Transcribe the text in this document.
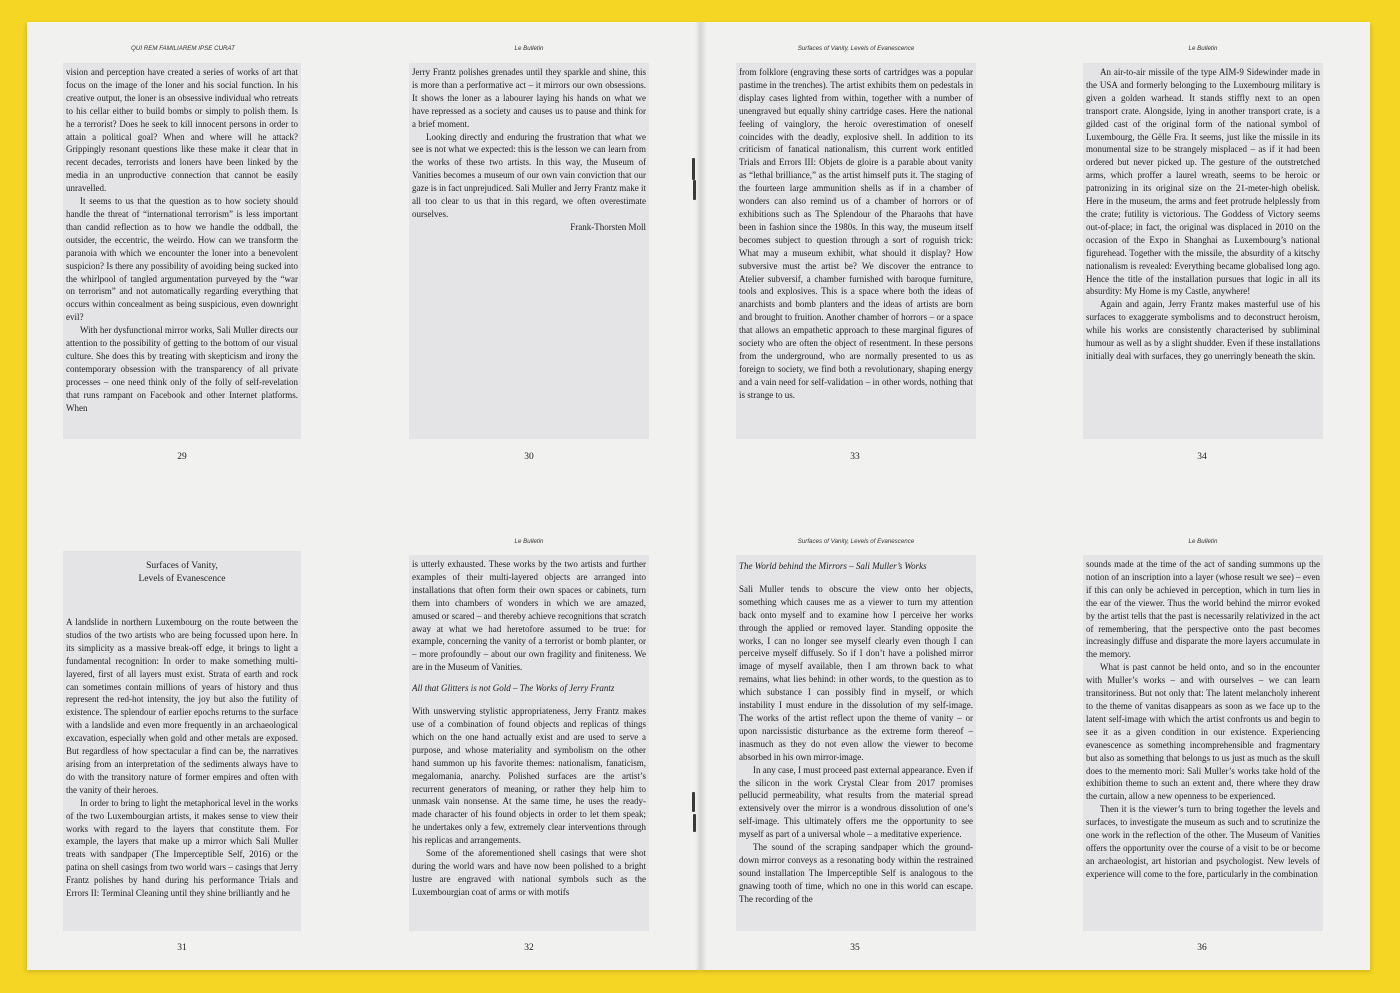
QUI REM FAMILIAREM IPSE CURAT

vision and perception have created a series of works of art that focus on the image of the loner and his social function. In his creative output, the loner is an obsessive individual who retreats to his cellar either to build bombs or simply to polish them. Is he a terrorist? Does he seek to kill innocent persons in order to attain a political goal? When and where will he attack? Grippingly resonant questions like these make it clear that in recent decades, terrorists and loners have been linked by the media in an unproductive connection that cannot be easily unravelled.

It seems to us that the question as to how society should handle the threat of “international terrorism” is less important than candid reflection as to how we handle the oddball, the outsider, the eccentric, the weirdo. How can we transform the paranoia with which we encounter the loner into a benevolent suspicion? Is there any possibility of avoiding being sucked into the whirlpool of tangled argumentation purveyed by the “war on terrorism” and not automatically regarding everything that occurs within concealment as being suspicious, even downright evil?

With her dysfunctional mirror works, Sali Muller directs our attention to the possibility of getting to the bottom of our visual culture. She does this by treating with skepticism and irony the contemporary obsession with the transparency of all private processes – one need think only of the folly of self-revelation that runs rampant on Facebook and other Internet platforms. When

29
Le Bulletin

Jerry Frantz polishes grenades until they sparkle and shine, this is more than a performative act – it mirrors our own obsessions. It shows the loner as a labourer laying his hands on what we have repressed as a society and causes us to pause and think for a brief moment.

Looking directly and enduring the frustration that what we see is not what we expected: this is the lesson we can learn from the works of these two artists. In this way, the Museum of Vanities becomes a museum of our own vain conviction that our gaze is in fact unprejudiced. Sali Muller and Jerry Frantz make it all too clear to us that in this regard, we often overestimate ourselves.

Frank-Thorsten Moll

30
Surfaces of Vanity, Levels of Evanescence

from folklore (engraving these sorts of cartridges was a popular pastime in the trenches). The artist exhibits them on pedestals in display cases lighted from within, together with a number of unengraved but equally shiny cartridge cases. Here the national feeling of vainglory, the heroic overestimation of oneself coincides with the deadly, explosive shell. In addition to its criticism of fanatical nationalism, this current work entitled Trials and Errors III: Objets de gloire is a parable about vanity as “lethal brilliance,” as the artist himself puts it. The staging of the fourteen large ammunition shells as if in a chamber of wonders can also remind us of a chamber of horrors or of exhibitions such as The Splendour of the Pharaohs that have been in fashion since the 1980s. In this way, the museum itself becomes subject to question through a sort of roguish trick: What may a museum exhibit, what should it display? How subversive must the artist be? We discover the entrance to Atelier subversif, a chamber furnished with baroque furniture, tools and explosives. This is a space where both the ideas of anarchists and bomb planters and the ideas of artists are born and brought to fruition. Another chamber of horrors – or a space that allows an empathetic approach to these marginal figures of society who are often the object of resentment. In these persons from the underground, who are normally presented to us as foreign to society, we find both a revolutionary, shaping energy and a vain need for self-validation – in other words, nothing that is strange to us.

33
Le Bulletin

An air-to-air missile of the type AIM-9 Sidewinder made in the USA and formerly belonging to the Luxembourg military is given a golden warhead. It stands stiffly next to an open transport crate. Alongside, lying in another transport crate, is a gilded cast of the original form of the national symbol of Luxembourg, the Gëlle Fra. It seems, just like the missile in its monumental size to be strangely misplaced – as if it had been ordered but never picked up. The gesture of the outstretched arms, which proffer a laurel wreath, seems to be heroic or patronizing in its original size on the 21-meter-high obelisk. Here in the museum, the arms and feet protrude helplessly from the crate; futility is victorious. The Goddess of Victory seems out-of-place; in fact, the original was displaced in 2010 on the occasion of the Expo in Shanghai as Luxembourg’s national figurehead. Together with the missile, the absurdity of a kitschy nationalism is revealed: Everything became globalised long ago. Hence the title of the installation pursues that logic in all its absurdity: My Home is my Castle, anywhere!

Again and again, Jerry Frantz makes masterful use of his surfaces to exaggerate symbolisms and to deconstruct heroism, while his works are consistently characterised by subliminal humour as well as by a slight shudder. Even if these installations initially deal with surfaces, they go unerringly beneath the skin.

34

Surfaces of Vanity,
Levels of Evanescence

A landslide in northern Luxembourg on the route between the studios of the two artists who are being focussed upon here. In its simplicity as a massive break-off edge, it brings to light a fundamental recognition: In order to make something multi-layered, first of all layers must exist. Strata of earth and rock can sometimes contain millions of years of history and thus represent the red-hot intensity, the joy but also the futility of existence. The splendour of earlier epochs returns to the surface with a landslide and even more frequently in an archaeological excavation, especially when gold and other metals are exposed. But regardless of how spectacular a find can be, the narratives arising from an interpretation of the sediments always have to do with the transitory nature of former empires and often with the vanity of their heroes.

In order to bring to light the metaphorical level in the works of the two Luxembourgian artists, it makes sense to view their works with regard to the layers that constitute them. For example, the layers that make up a mirror which Sali Muller treats with sandpaper (The Imperceptible Self, 2016) or the patina on shell casings from two world wars – casings that Jerry Frantz polishes by hand during his performance Trials and Errors II: Terminal Cleaning until they shine brilliantly and he

31
Le Bulletin

is utterly exhausted. These works by the two artists and further examples of their multi-layered objects are arranged into installations that often form their own spaces or cabinets, turn them into chambers of wonders in which we are amazed, amused or scared – and thereby achieve recognitions that scratch away at what we had heretofore assumed to be true: for example, concerning the vanity of a terrorist or bomb planter, or – more profoundly – about our own fragility and finiteness. We are in the Museum of Vanities.

All that Glitters is not Gold – The Works of Jerry Frantz

With unswerving stylistic appropriateness, Jerry Frantz makes use of a combination of found objects and replicas of things which on the one hand actually exist and are used to serve a purpose, and whose materiality and symbolism on the other hand summon up his favorite themes: nationalism, fanaticism, megalomania, anarchy. Polished surfaces are the artist’s recurrent generators of meaning, or rather they help him to unmask vain nonsense. At the same time, he uses the ready-made character of his found objects in order to let them speak; he undertakes only a few, extremely clear interventions through his replicas and arrangements.

Some of the aforementioned shell casings that were shot during the world wars and have now been polished to a bright lustre are engraved with national symbols such as the Luxembourgian coat of arms or with motifs

32
Surfaces of Vanity, Levels of Evanescence

The World behind the Mirrors – Sali Muller’s Works

Sali Muller tends to obscure the view onto her objects, something which causes me as a viewer to turn my attention back onto myself and to examine how I perceive her works through the applied or removed layer. Standing opposite the works, I can no longer see myself clearly even though I can perceive myself diffusely. So if I don’t have a polished mirror image of myself available, then I am thrown back to what remains, what lies behind: in other words, to the question as to which substance I can possibly find in myself, or which instability I must endure in the dissolution of my self-image. The works of the artist reflect upon the theme of vanity – or upon narcissistic disturbance as the extreme form thereof – inasmuch as they do not even allow the viewer to become absorbed in his own mirror-image.

In any case, I must proceed past external appearance. Even if the silicon in the work Crystal Clear from 2017 promises pellucid permeability, what results from the material spread extensively over the mirror is a wondrous dissolution of one’s self-image. This ultimately offers me the opportunity to see myself as part of a universal whole – a meditative experience.

The sound of the scraping sandpaper which the ground-down mirror conveys as a resonating body within the restrained sound installation The Imperceptible Self is analogous to the gnawing tooth of time, which no one in this world can escape. The recording of the

35
Le Bulletin

sounds made at the time of the act of sanding summons up the notion of an inscription into a layer (whose result we see) – even if this can only be achieved in perception, which in turn lies in the ear of the viewer. Thus the world behind the mirror evoked by the artist tells that the past is necessarily relativized in the act of remembering, that the perspective onto the past becomes increasingly diffuse and disparate the more layers accumulate in the memory.

What is past cannot be held onto, and so in the encounter with Muller’s works – and with ourselves – we can learn transitoriness. But not only that: The latent melancholy inherent to the theme of vanitas disappears as soon as we face up to the latent self-image with which the artist confronts us and begin to see it as a given condition in our existence. Experiencing evanescence as something incomprehensible and fragmentary but also as something that belongs to us just as much as the skull does to the memento mori: Sali Muller’s works take hold of the exhibition theme to such an extent and, there where they draw the curtain, allow a new openness to be experienced.

Then it is the viewer’s turn to bring together the levels and surfaces, to investigate the museum as such and to scrutinize the one work in the reflection of the other. The Museum of Vanities offers the opportunity over the course of a visit to be or become an archaeologist, art historian and psychologist. New levels of experience will come to the fore, particularly in the combination

36
